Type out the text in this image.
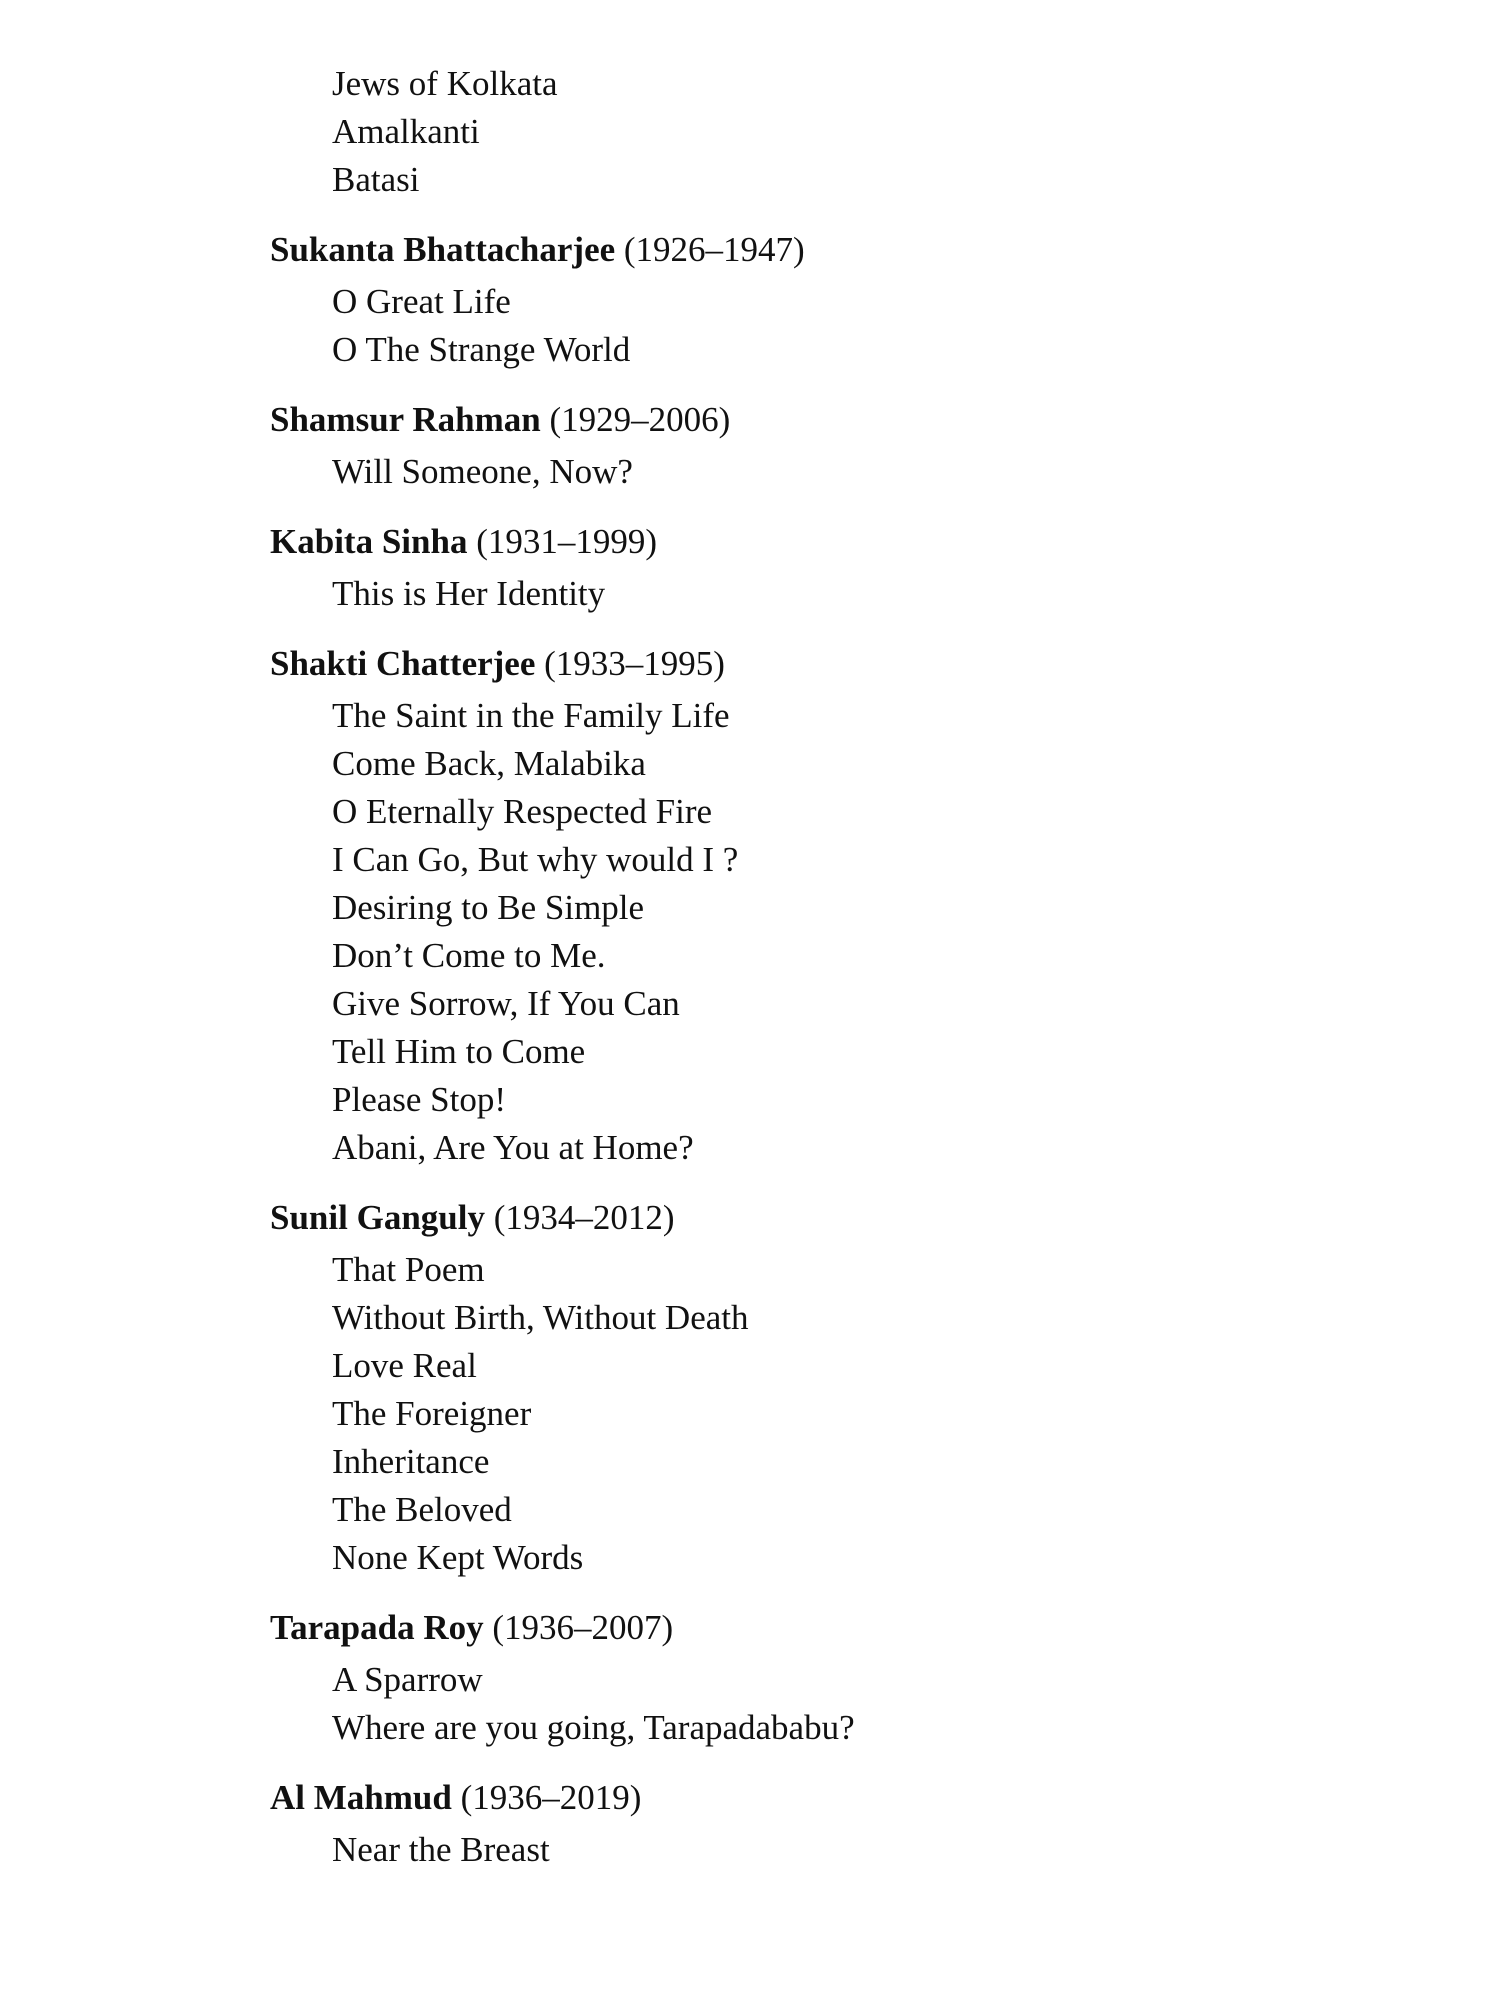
Jews of Kolkata
Amalkanti
Batasi
Sukanta Bhattacharjee (1926–1947)
O Great Life
O The Strange World
Shamsur Rahman (1929–2006)
Will Someone, Now?
Kabita Sinha (1931–1999)
This is Her Identity
Shakti Chatterjee (1933–1995)
The Saint in the Family Life
Come Back, Malabika
O Eternally Respected Fire
I Can Go, But why would I ?
Desiring to Be Simple
Don’t Come to Me.
Give Sorrow, If You Can
Tell Him to Come
Please Stop!
Abani, Are You at Home?
Sunil Ganguly (1934–2012)
That Poem
Without Birth, Without Death
Love Real
The Foreigner
Inheritance
The Beloved
None Kept Words
Tarapada Roy (1936–2007)
A Sparrow
Where are you going, Tarapadababu?
Al Mahmud (1936–2019)
Near the Breast
